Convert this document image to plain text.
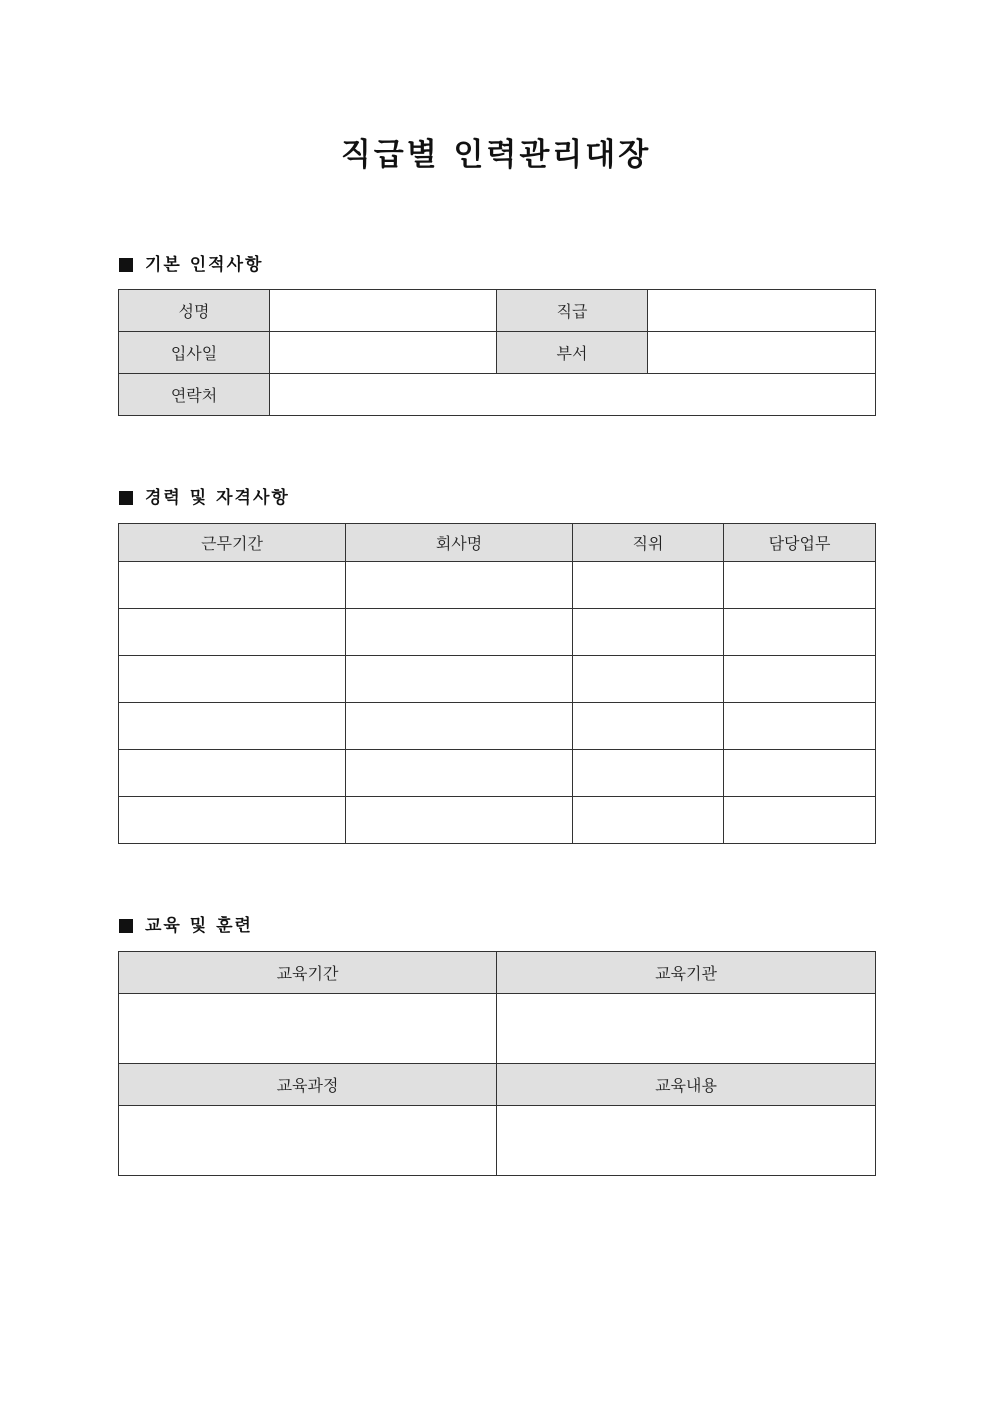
직급별 인력관리대장
기본 인적사항
성명		직급	
입사일		부서	
연락처			
경력 및 자격사항
근무기간	회사명	직위	담당업무

교육 및 훈련
교육기간	교육기관

교육과정	교육내용
